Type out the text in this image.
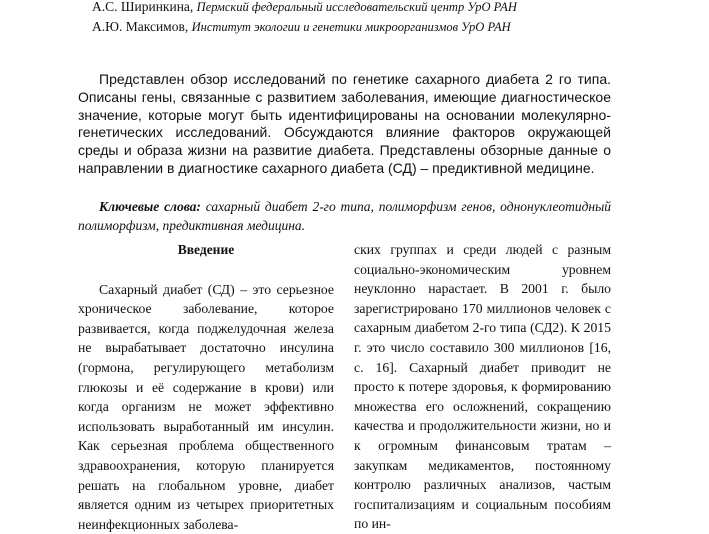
А.С. Ширинкина, Пермский федеральный исследовательский центр УрО РАН
А.Ю. Максимов, Институт экологии и генетики микроорганизмов УрО РАН

Представлен обзор исследований по генетике сахарного диабета 2 го типа. Описаны гены, связанные с развитием заболевания, имеющие диагностическое значение, которые могут быть идентифицированы на основании молекулярно-генетических исследований. Обсуждаются влияние факторов окружающей среды и образа жизни на развитие диабета. Представлены обзорные данные о направлении в диагностике сахарного диабета (СД) – предиктивной медицине.

Ключевые слова: сахарный диабет 2-го типа, полиморфизм генов, однонуклеотидный полиморфизм, предиктивная медицина.

Введение

Сахарный диабет (СД) – это серьезное хроническое заболевание, которое развивается, когда поджелудочная железа не вырабатывает достаточно инсулина (гормона, регулирующего метаболизм глюкозы и её содержание в крови) или когда организм не может эффективно использовать выработанный им инсулин. Как серьезная проблема общественного здравоохранения, которую планируется решать на глобальном уровне, диабет является одним из четырех приоритетных неинфекционных заболева-

ских группах и среди людей с разным социально-экономическим уровнем неуклонно нарастает. В 2001 г. было зарегистрировано 170 миллионов человек с сахарным диабетом 2-го типа (СД2). К 2015 г. это число составило 300 миллионов [16, с. 16]. Сахарный диабет приводит не просто к потере здоровья, к формированию множества его осложнений, сокращению качества и продолжительности жизни, но и к огромным финансовым тратам – закупкам медикаментов, постоянному контролю различных анализов, частым госпитализациям и социальным пособиям по ин-
